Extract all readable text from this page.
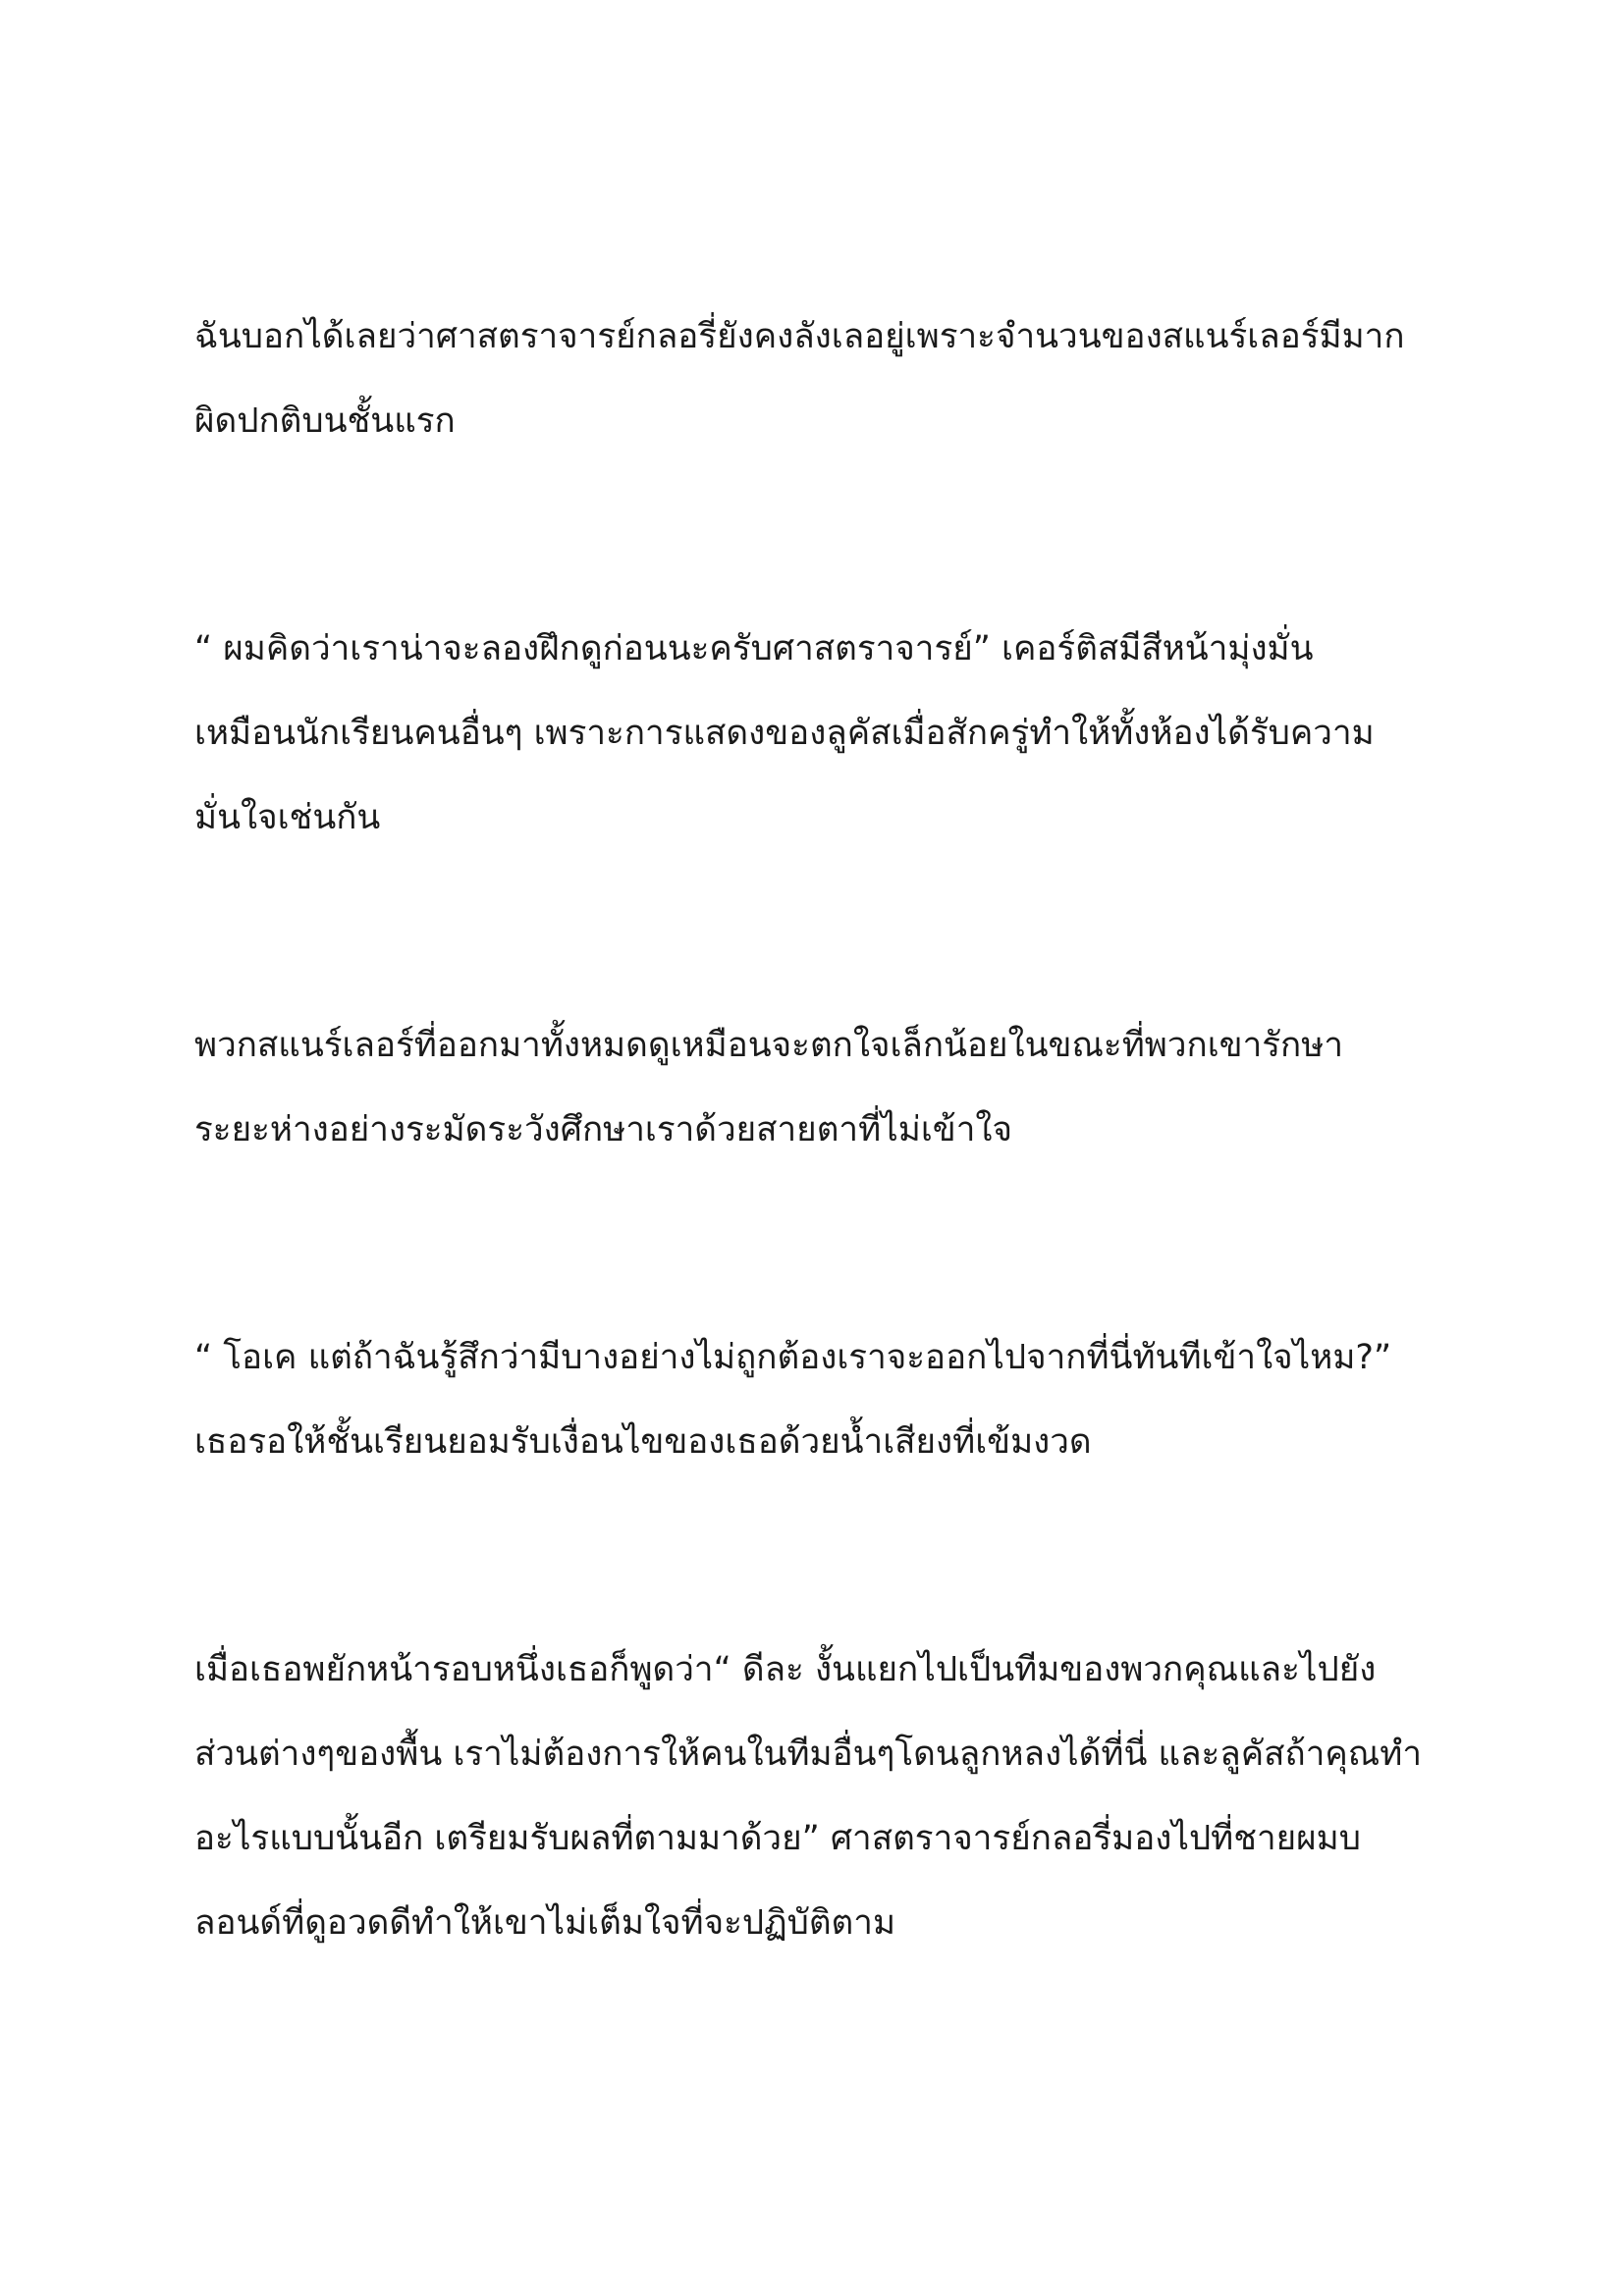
ฉันบอกได้เลยว่าศาสตราจารย์กลอรี่ยังคงลังเลอยู่เพราะจำนวนของสแนร์เลอร์มีมาก
ผิดปกติบนชั้นแรก

“ ผมคิดว่าเราน่าจะลองฝึกดูก่อนนะครับศาสตราจารย์” เคอร์ติสมีสีหน้ามุ่งมั่น
เหมือนนักเรียนคนอื่นๆ เพราะการแสดงของลูคัสเมื่อสักครู่ทำให้ทั้งห้องได้รับความ
มั่นใจเช่นกัน

พวกสแนร์เลอร์ที่ออกมาทั้งหมดดูเหมือนจะตกใจเล็กน้อยในขณะที่พวกเขารักษา
ระยะห่างอย่างระมัดระวังศึกษาเราด้วยสายตาที่ไม่เข้าใจ

“ โอเค แต่ถ้าฉันรู้สึกว่ามีบางอย่างไม่ถูกต้องเราจะออกไปจากที่นี่ทันทีเข้าใจไหม?”
เธอรอให้ชั้นเรียนยอมรับเงื่อนไขของเธอด้วยน้ำเสียงที่เข้มงวด

เมื่อเธอพยักหน้ารอบหนึ่งเธอก็พูดว่า“ ดีละ งั้นแยกไปเป็นทีมของพวกคุณและไปยัง
ส่วนต่างๆของพื้น เราไม่ต้องการให้คนในทีมอื่นๆโดนลูกหลงได้ที่นี่ และลูคัสถ้าคุณทำ
อะไรแบบนั้นอีก เตรียมรับผลที่ตามมาด้วย” ศาสตราจารย์กลอรี่มองไปที่ชายผมบ
ลอนด์ที่ดูอวดดีทำให้เขาไม่เต็มใจที่จะปฏิบัติตาม
